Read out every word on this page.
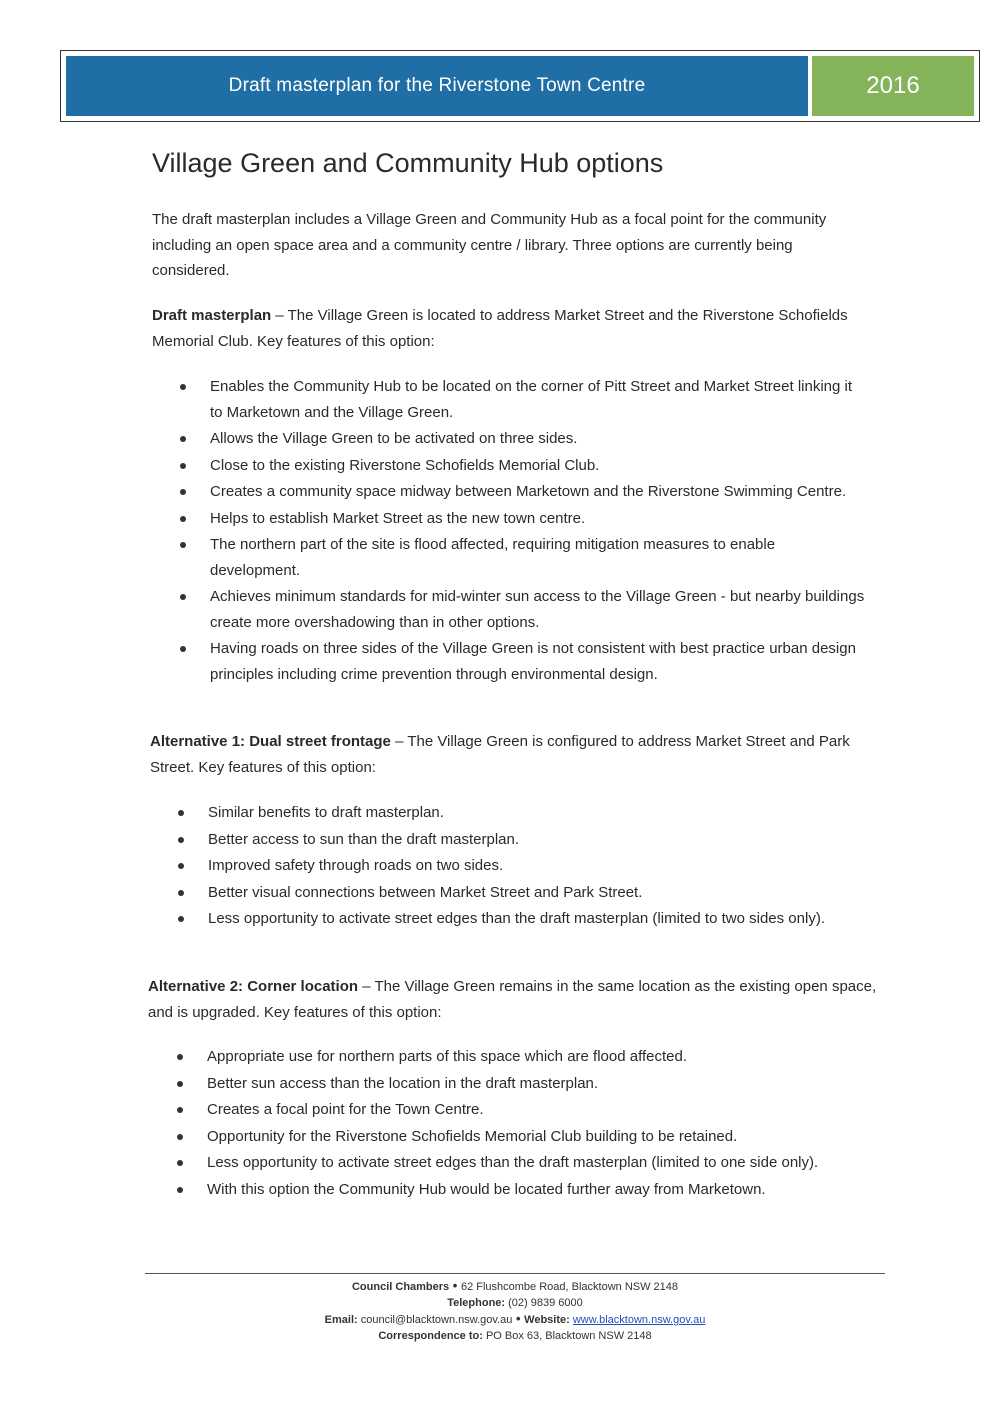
Draft masterplan for the Riverstone Town Centre	2016
Village Green and Community Hub options

The draft masterplan includes a Village Green and Community Hub as a focal point for the community including an open space area and a community centre / library. Three options are currently being considered.

Draft masterplan – The Village Green is located to address Market Street and the Riverstone Schofields Memorial Club. Key features of this option:

Enables the Community Hub to be located on the corner of Pitt Street and Market Street linking it to Marketown and the Village Green.
Allows the Village Green to be activated on three sides.
Close to the existing Riverstone Schofields Memorial Club.
Creates a community space midway between Marketown and the Riverstone Swimming Centre.
Helps to establish Market Street as the new town centre.
The northern part of the site is flood affected, requiring mitigation measures to enable development.
Achieves minimum standards for mid-winter sun access to the Village Green - but nearby buildings create more overshadowing than in other options.
Having roads on three sides of the Village Green is not consistent with best practice urban design principles including crime prevention through environmental design.

Alternative 1: Dual street frontage – The Village Green is configured to address Market Street and Park Street. Key features of this option:

Similar benefits to draft masterplan.
Better access to sun than the draft masterplan.
Improved safety through roads on two sides.
Better visual connections between Market Street and Park Street.
Less opportunity to activate street edges than the draft masterplan (limited to two sides only).

Alternative 2: Corner location – The Village Green remains in the same location as the existing open space, and is upgraded. Key features of this option:

Appropriate use for northern parts of this space which are flood affected.
Better sun access than the location in the draft masterplan.
Creates a focal point for the Town Centre.
Opportunity for the Riverstone Schofields Memorial Club building to be retained.
Less opportunity to activate street edges than the draft masterplan (limited to one side only).
With this option the Community Hub would be located further away from Marketown.
Council Chambers • 62 Flushcombe Road, Blacktown NSW 2148
Telephone: (02) 9839 6000
Email: council@blacktown.nsw.gov.au • Website: www.blacktown.nsw.gov.au
Correspondence to: PO Box 63, Blacktown NSW 2148
